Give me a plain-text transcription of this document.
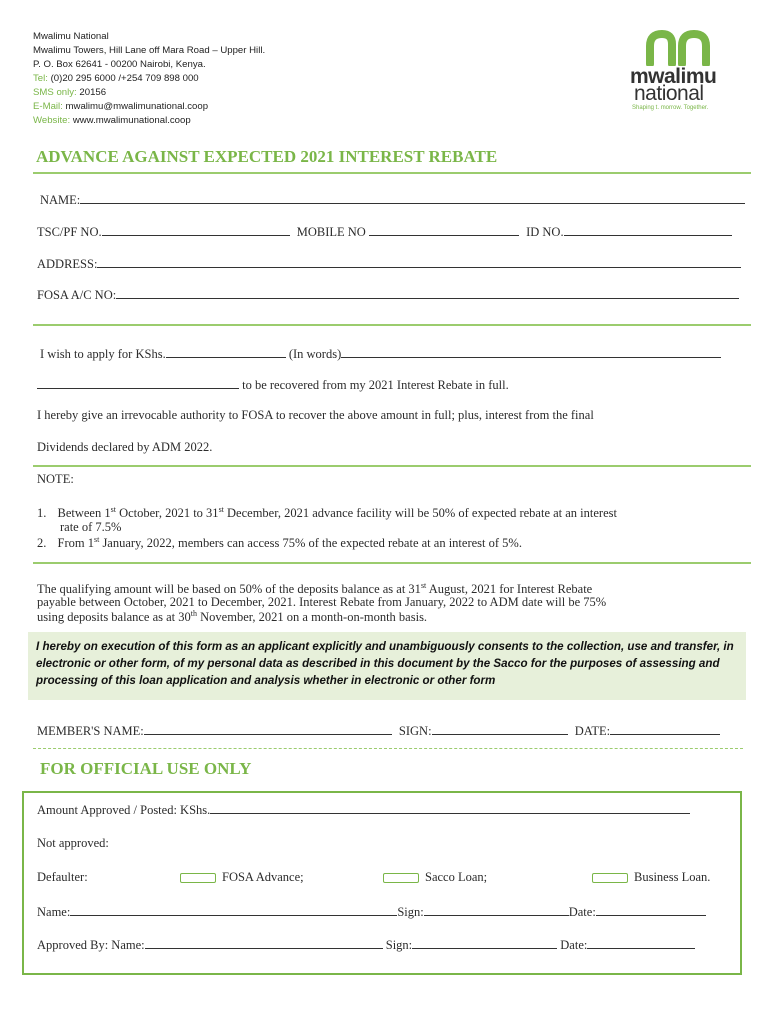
Mwalimu National
Mwalimu Towers, Hill Lane off Mara Road – Upper Hill.
P. O. Box 62641 - 00200 Nairobi, Kenya.
Tel: (0)20 295 6000 /+254 709 898 000
SMS only: 20156
E-Mail: mwalimu@mwalimunational.coop
Website: www.mwalimunational.coop
mwalimu
national
Shaping t. morrow. Together.
ADVANCE AGAINST EXPECTED 2021 INTEREST REBATE
NAME:
TSC/PF NO.	MOBILE NO	ID NO.
ADDRESS:
FOSA A/C NO:
I wish to apply for KShs.	(In words)
to be recovered from my 2021 Interest Rebate in full.
I hereby give an irrevocable authority to FOSA to recover the above amount in full; plus, interest from the final
Dividends declared by ADM 2022.
NOTE:
1. Between 1st October, 2021 to 31st December, 2021 advance facility will be 50% of expected rebate at an interest
rate of 7.5%
2. From 1st January, 2022, members can access 75% of the expected rebate at an interest of 5%.
The qualifying amount will be based on 50% of the deposits balance as at 31st August, 2021 for Interest Rebate
payable between October, 2021 to December, 2021. Interest Rebate from January, 2022 to ADM date will be 75%
using deposits balance as at 30th November, 2021 on a month-on-month basis.

I hereby on execution of this form as an applicant explicitly and unambiguously consents to the collection, use and transfer, in electronic or other form, of my personal data as described in this document by the Sacco for the purposes of assessing and processing of this loan application and analysis whether in electronic or other form

MEMBER'S NAME:	SIGN:	DATE:
FOR OFFICIAL USE ONLY
Amount Approved / Posted: KShs.
Not approved:
Defaulter:	FOSA Advance;	Sacco Loan;	Business Loan.
Name:	Sign:	Date:
Approved By: Name:	Sign:	Date:
